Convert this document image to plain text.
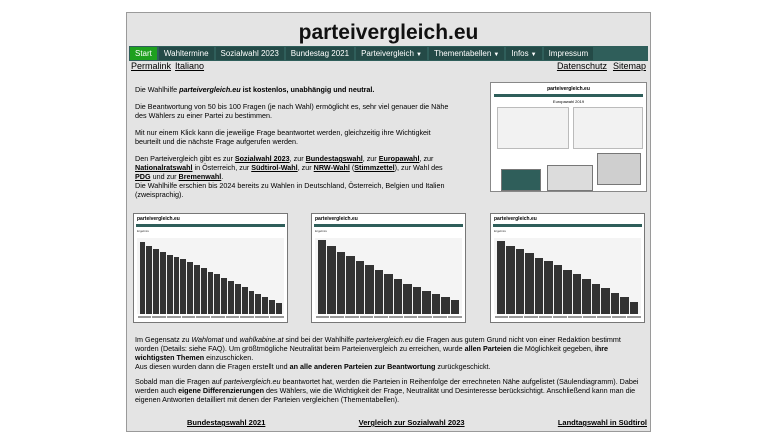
parteivergleich.eu
Start	Wahltermine	Sozialwahl 2023	Bundestag 2021	Parteivergleich ▼	Thementabellen ▼	Infos ▼	Impressum
Permalink Italiano	Datenschutz Sitemap

Die Wahlhilfe parteivergleich.eu ist kostenlos, unabhängig und neutral.

Die Beantwortung von 50 bis 100 Fragen (je nach Wahl) ermöglicht es, sehr viel genauer die Nähe des Wählers zu einer Partei zu bestimmen.

Mit nur einem Klick kann die jeweilige Frage beantwortet werden, gleichzeitig ihre Wichtigkeit beurteilt und die nächste Frage aufgerufen werden.

Den Parteivergleich gibt es zur Sozialwahl 2023, zur Bundestagswahl, zur Europawahl, zur Nationalratswahl in Österreich, zur Südtirol-Wahl, zur NRW-Wahl (Stimmzettel), zur Wahl des PDG und zur Bremenwahl.

Die Wahlhilfe erschien bis 2024 bereits zu Wahlen in Deutschland, Österreich, Belgien und Italien (zweisprachig).

parteivergleich.eu
Europawahl 2019
parteivergleich.eu
Ergebnis
parteivergleich.eu
Ergebnis
parteivergleich.eu
Ergebnis

Im Gegensatz zu Wahlomat und wahlkabine.at sind bei der Wahlhilfe parteivergleich.eu die Fragen aus gutem Grund nicht von einer Redaktion bestimmt worden (Details: siehe FAQ). Um größtmögliche Neutralität beim Parteienvergleich zu erreichen, wurde allen Parteien die Möglichkeit gegeben, ihre wichtigsten Themen einzuschicken.

Aus diesen wurden dann die Fragen erstellt und an alle anderen Parteien zur Beantwortung zurückgeschickt.

Sobald man die Fragen auf parteivergleich.eu beantwortet hat, werden die Parteien in Reihenfolge der errechneten Nähe aufgelistet (Säulendiagramm). Dabei werden auch eigene Differenzierungen des Wählers, wie die Wichtigkeit der Frage, Neutralität und Desinteresse berücksichtigt. Anschließend kann man die eigenen Antworten detailliert mit denen der Parteien vergleichen (Thementabellen).

Bundestagswahl 2021	Vergleich zur Sozialwahl 2023	Landtagswahl in Südtirol
